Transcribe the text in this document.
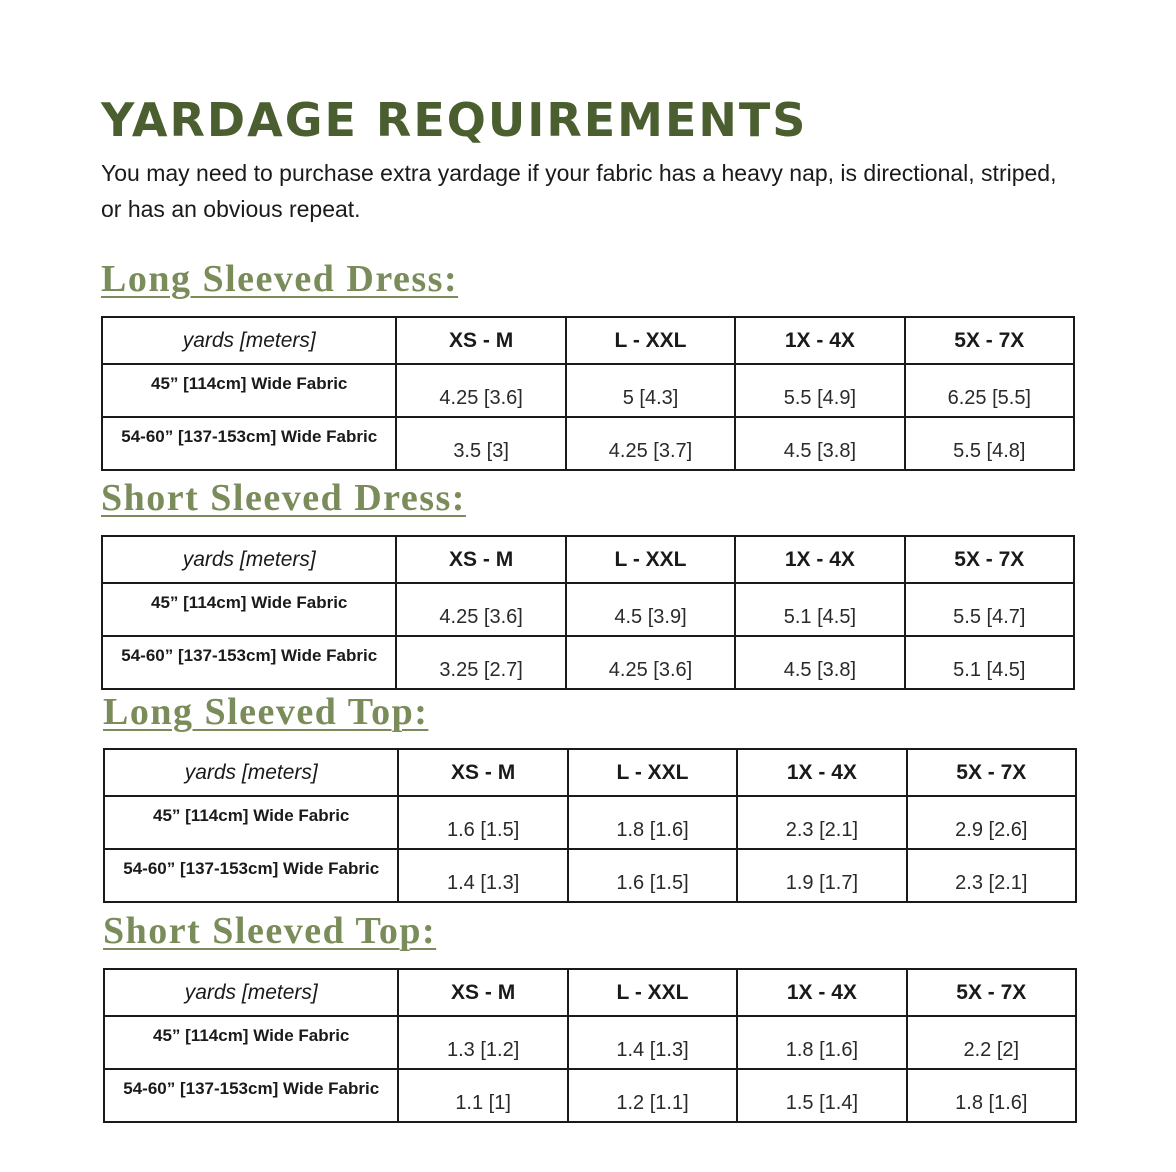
YARDAGE REQUIREMENTS

You may need to purchase extra yardage if your fabric has a heavy nap, is directional, striped, or has an obvious repeat.

Long Sleeved Dress:
yards [meters]	XS - M	L - XXL	1X - 4X	5X - 7X
45” [114cm] Wide Fabric	4.25 [3.6]	5 [4.3]	5.5 [4.9]	6.25 [5.5]
54-60” [137-153cm] Wide Fabric	3.5 [3]	4.25 [3.7]	4.5 [3.8]	5.5 [4.8]
Short Sleeved Dress:
yards [meters]	XS - M	L - XXL	1X - 4X	5X - 7X
45” [114cm] Wide Fabric	4.25 [3.6]	4.5 [3.9]	5.1 [4.5]	5.5 [4.7]
54-60” [137-153cm] Wide Fabric	3.25 [2.7]	4.25 [3.6]	4.5 [3.8]	5.1 [4.5]
Long Sleeved Top:
yards [meters]	XS - M	L - XXL	1X - 4X	5X - 7X
45” [114cm] Wide Fabric	1.6 [1.5]	1.8 [1.6]	2.3 [2.1]	2.9 [2.6]
54-60” [137-153cm] Wide Fabric	1.4 [1.3]	1.6 [1.5]	1.9 [1.7]	2.3 [2.1]
Short Sleeved Top:
yards [meters]	XS - M	L - XXL	1X - 4X	5X - 7X
45” [114cm] Wide Fabric	1.3 [1.2]	1.4 [1.3]	1.8 [1.6]	2.2 [2]
54-60” [137-153cm] Wide Fabric	1.1 [1]	1.2 [1.1]	1.5 [1.4]	1.8 [1.6]
